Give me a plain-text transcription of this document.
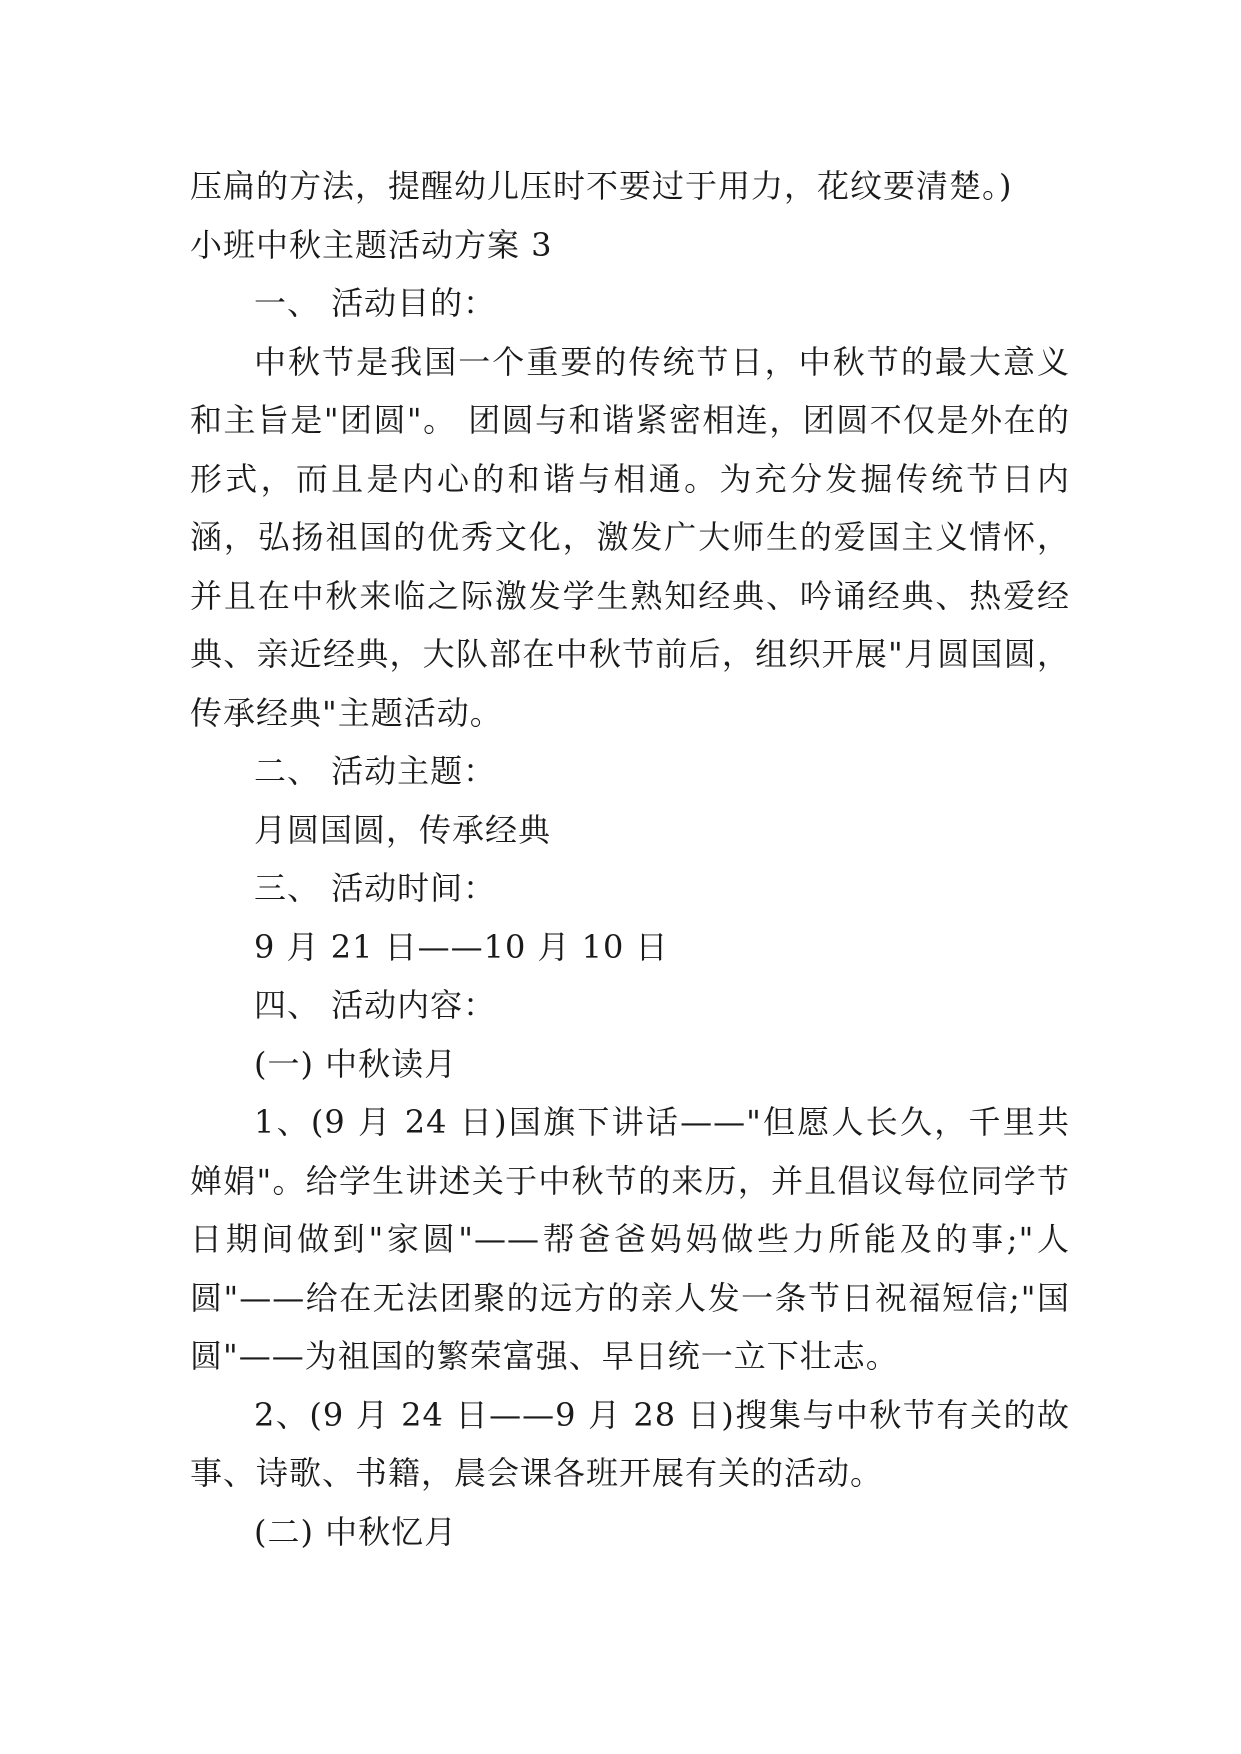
压扁的方法，提醒幼儿压时不要过于用力，花纹要清楚。)

小班中秋主题活动方案 3

一、 活动目的：

中秋节是我国一个重要的传统节日，中秋节的最大意义和主旨是"团圆"。 团圆与和谐紧密相连，团圆不仅是外在的形式，而且是内心的和谐与相通。为充分发掘传统节日内涵，弘扬祖国的优秀文化，激发广大师生的爱国主义情怀，并且在中秋来临之际激发学生熟知经典、吟诵经典、热爱经典、亲近经典，大队部在中秋节前后，组织开展"月圆国圆，传承经典"主题活动。

二、 活动主题：

月圆国圆，传承经典

三、 活动时间：

9 月 21 日——10 月 10 日

四、 活动内容：

(一) 中秋读月

1、(9 月 24 日)国旗下讲话——"但愿人长久，千里共婵娟"。给学生讲述关于中秋节的来历，并且倡议每位同学节日期间做到"家圆"——帮爸爸妈妈做些力所能及的事;"人圆"——给在无法团聚的远方的亲人发一条节日祝福短信;"国圆"——为祖国的繁荣富强、早日统一立下壮志。

2、(9 月 24 日——9 月 28 日)搜集与中秋节有关的故事、诗歌、书籍，晨会课各班开展有关的活动。

(二) 中秋忆月
